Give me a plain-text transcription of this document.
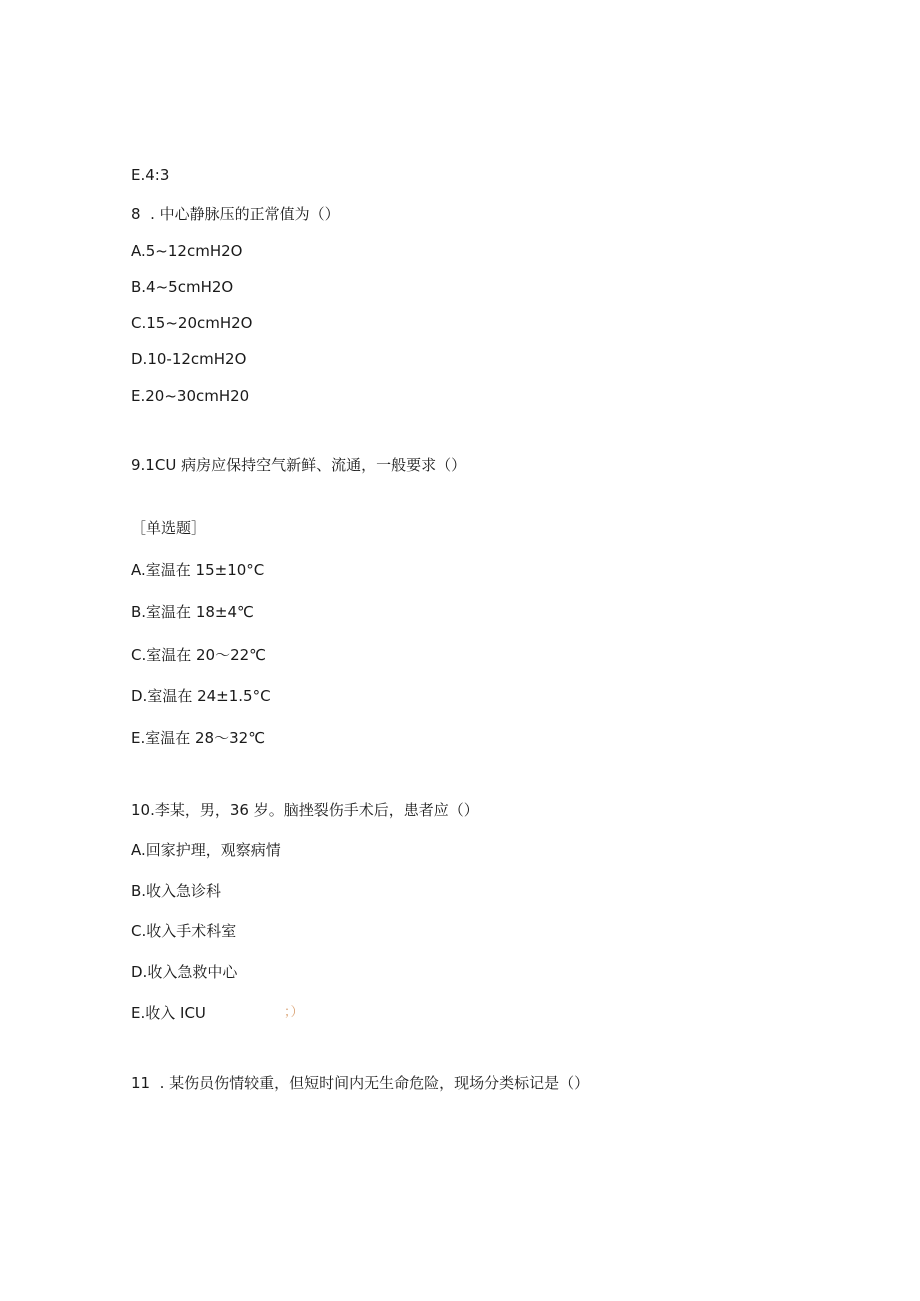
E.4:3
8  . 中心静脉压的正常值为（）
A.5~12cmH2O
B.4~5cmH2O
C.15~20cmH2O
D.10-12cmH2O
E.20~30cmH20
9.1CU 病房应保持空气新鲜、流通，一般要求（）
［单选题］
A.室温在 15±10°C
B.室温在 18±4℃
C.室温在 20～22℃
D.室温在 24±1.5°C
E.室温在 28～32℃
10.李某，男，36 岁。脑挫裂伤手术后，患者应（）
A.回家护理，观察病情
B.收入急诊科
C.收入手术科室
D.收入急救中心
E.收入 ICU	；）
11  . 某伤员伤情较重，但短时间内无生命危险，现场分类标记是（）
